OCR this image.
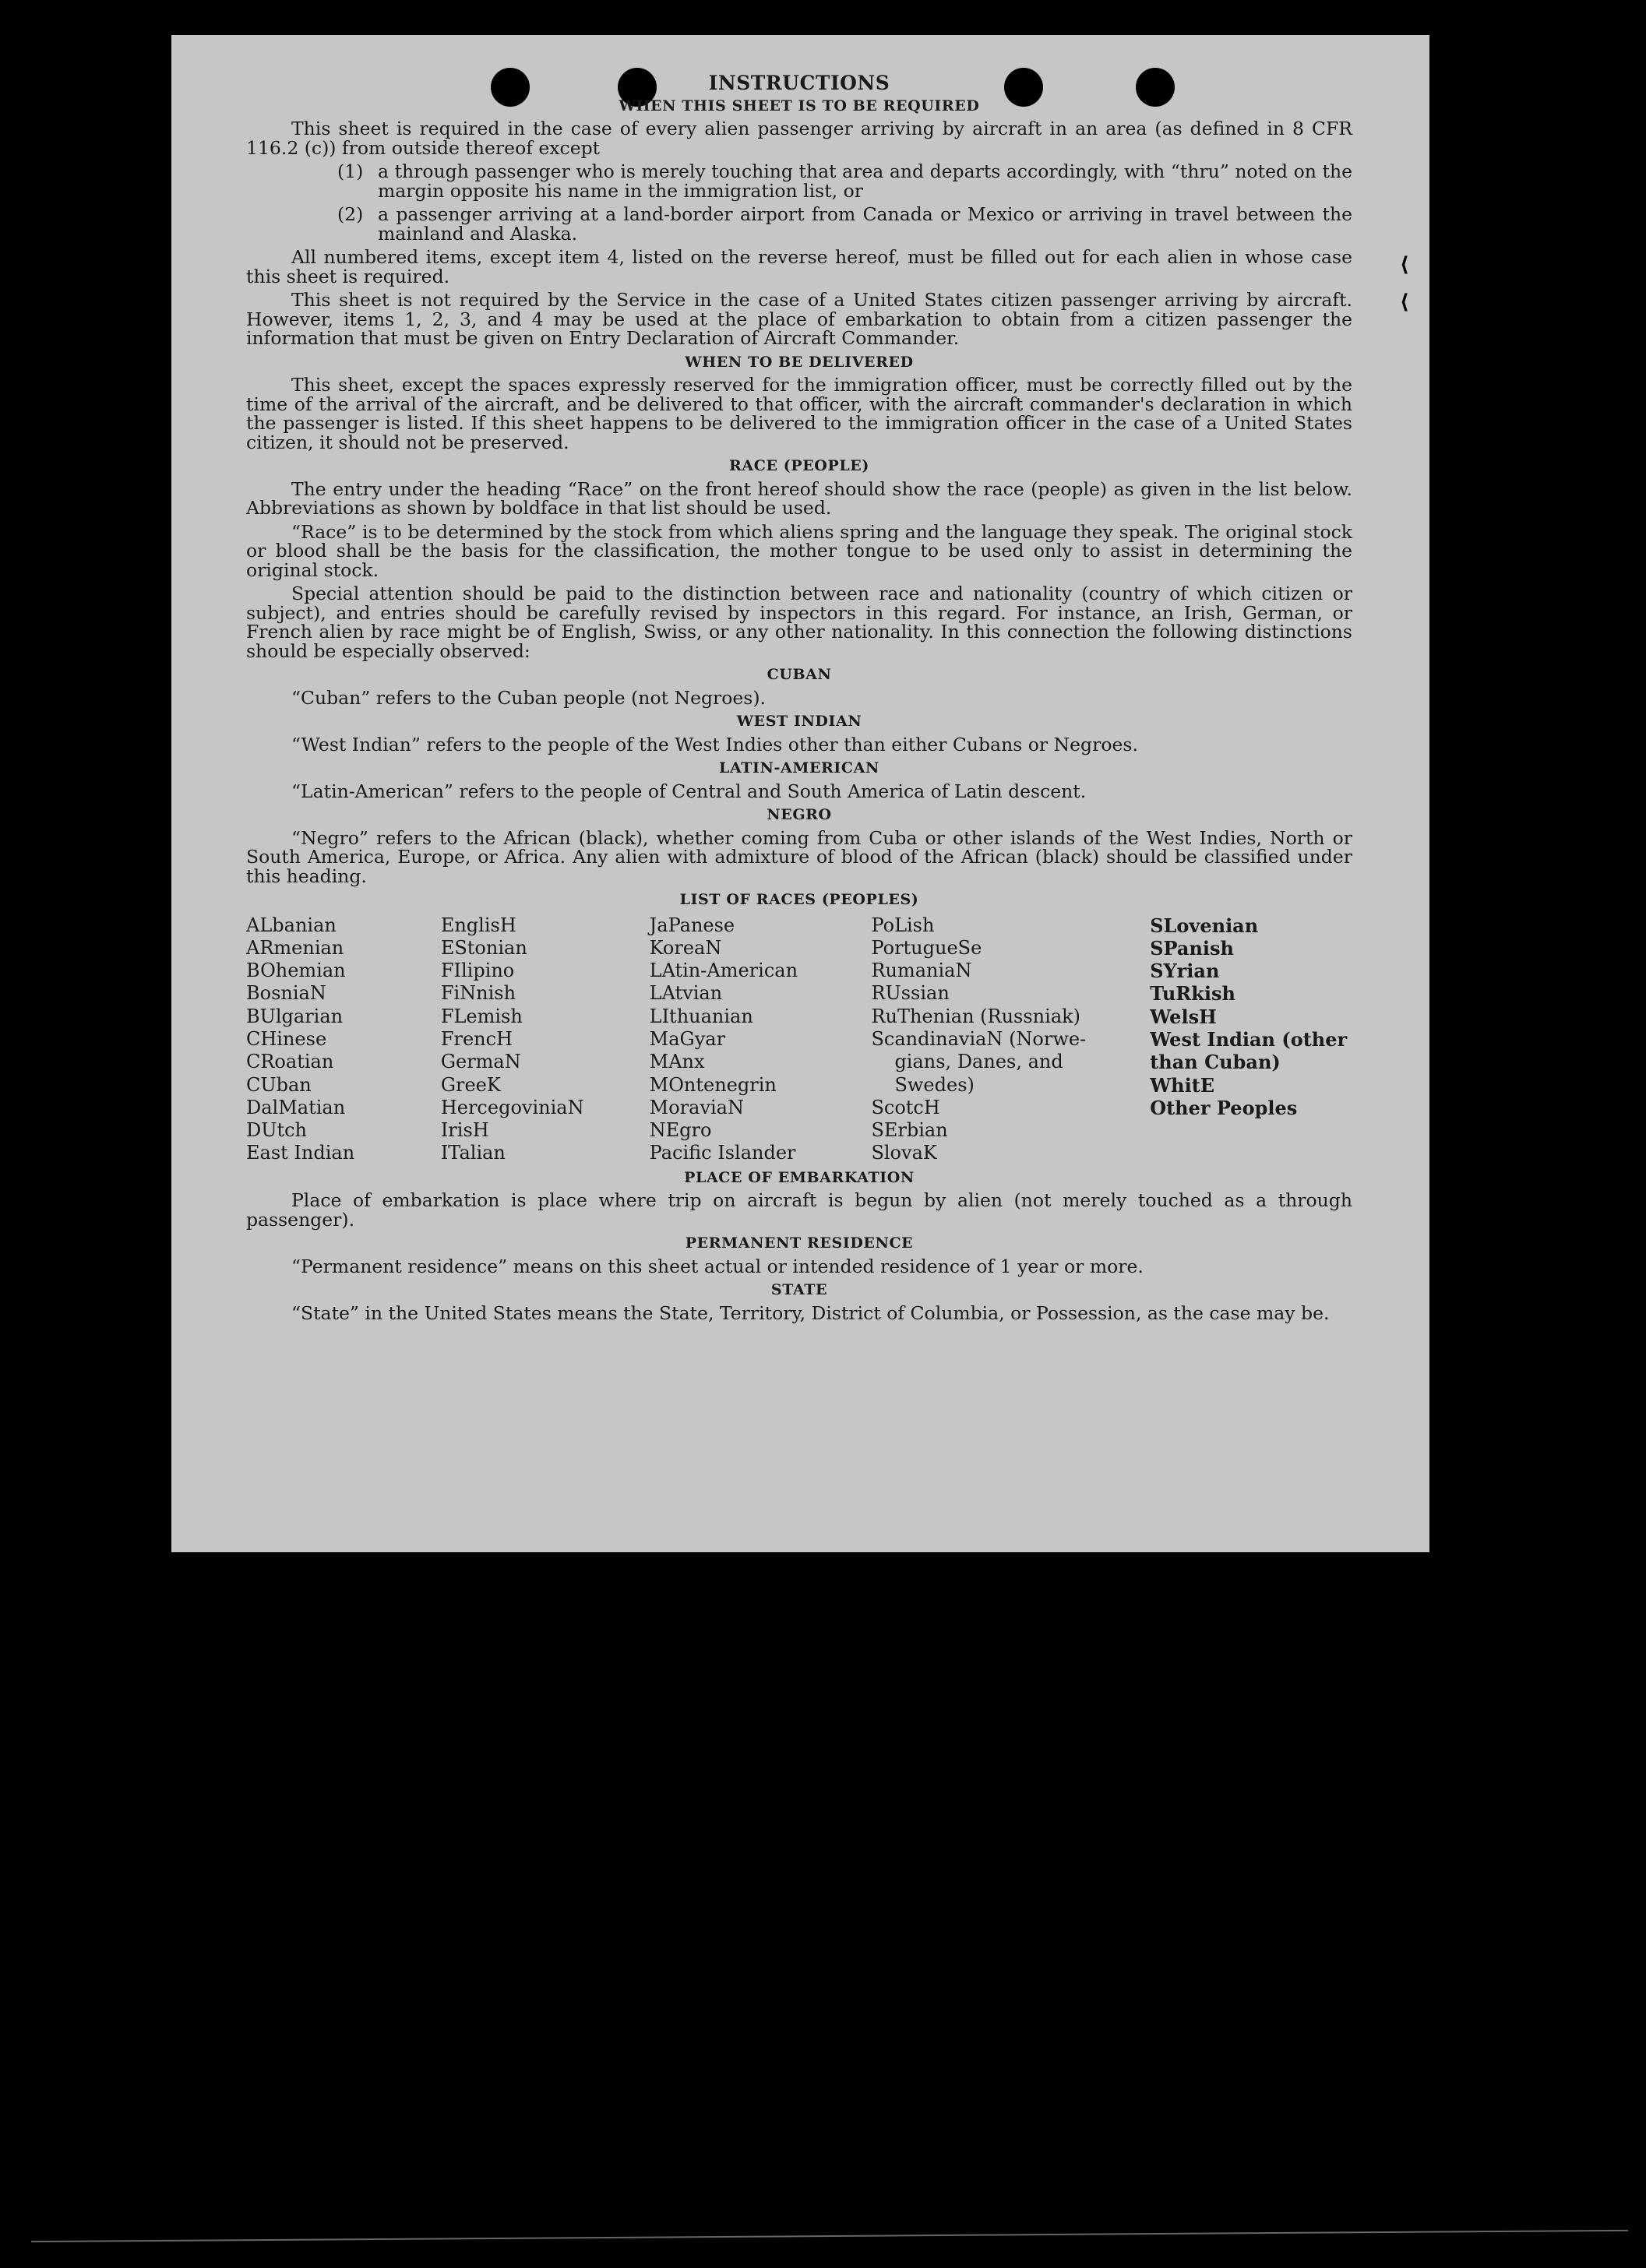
⟨
⟨
INSTRUCTIONS
WHEN THIS SHEET IS TO BE REQUIRED

This sheet is required in the case of every alien passenger arriving by aircraft in an area (as defined in 8 CFR 116.2 (c)) from outside thereof except

(1) a through passenger who is merely touching that area and departs accordingly, with “thru” noted on the margin opposite his name in the immigration list, or
(2) a passenger arriving at a land-border airport from Canada or Mexico or arriving in travel between the mainland and Alaska.

All numbered items, except item 4, listed on the reverse hereof, must be filled out for each alien in whose case this sheet is required.

This sheet is not required by the Service in the case of a United States citizen passenger arriving by aircraft. However, items 1, 2, 3, and 4 may be used at the place of embarkation to obtain from a citizen passenger the information that must be given on Entry Declaration of Aircraft Commander.

WHEN TO BE DELIVERED

This sheet, except the spaces expressly reserved for the immigration officer, must be correctly filled out by the time of the arrival of the aircraft, and be delivered to that officer, with the aircraft commander's declaration in which the passenger is listed. If this sheet happens to be delivered to the immigration officer in the case of a United States citizen, it should not be preserved.

RACE (PEOPLE)

The entry under the heading “Race” on the front hereof should show the race (people) as given in the list below. Abbreviations as shown by boldface in that list should be used.

“Race” is to be determined by the stock from which aliens spring and the language they speak. The original stock or blood shall be the basis for the classification, the mother tongue to be used only to assist in determining the original stock.

Special attention should be paid to the distinction between race and nationality (country of which citizen or subject), and entries should be carefully revised by inspectors in this regard. For instance, an Irish, German, or French alien by race might be of English, Swiss, or any other nationality. In this connection the following distinctions should be especially observed:

CUBAN

“Cuban” refers to the Cuban people (not Negroes).

WEST INDIAN

“West Indian” refers to the people of the West Indies other than either Cubans or Negroes.

LATIN-AMERICAN

“Latin-American” refers to the people of Central and South America of Latin descent.

NEGRO

“Negro” refers to the African (black), whether coming from Cuba or other islands of the West Indies, North or South America, Europe, or Africa. Any alien with admixture of blood of the African (black) should be classified under this heading.

LIST OF RACES (PEOPLES)
ALbanian
ARmenian
BOhemian
BosniaN
BUlgarian
CHinese
CRoatian
CUban
DalMatian
DUtch
East Indian
EnglisH
EStonian
FIlipino
FiNnish
FLemish
FrencH
GermaN
GreeK
HercegoviniaN
IrisH
ITalian
JaPanese
KoreaN
LAtin-American
LAtvian
LIthuanian
MaGyar
MAnx
MOntenegrin
MoraviaN
NEgro
Pacific Islander
PoLish
PortugueSe
RumaniaN
RUssian
RuThenian (Russniak)
ScandinaviaN (Norwe-
gians, Danes, and
Swedes)
ScotcH
SErbian
SlovaK
SLovenian
SPanish
SYrian
TuRkish
WelsH
West Indian (other
than Cuban)
WhitE
Other Peoples
PLACE OF EMBARKATION

Place of embarkation is place where trip on aircraft is begun by alien (not merely touched as a through passenger).

PERMANENT RESIDENCE

“Permanent residence” means on this sheet actual or intended residence of 1 year or more.

STATE

“State” in the United States means the State, Territory, District of Columbia, or Possession, as the case may be.
